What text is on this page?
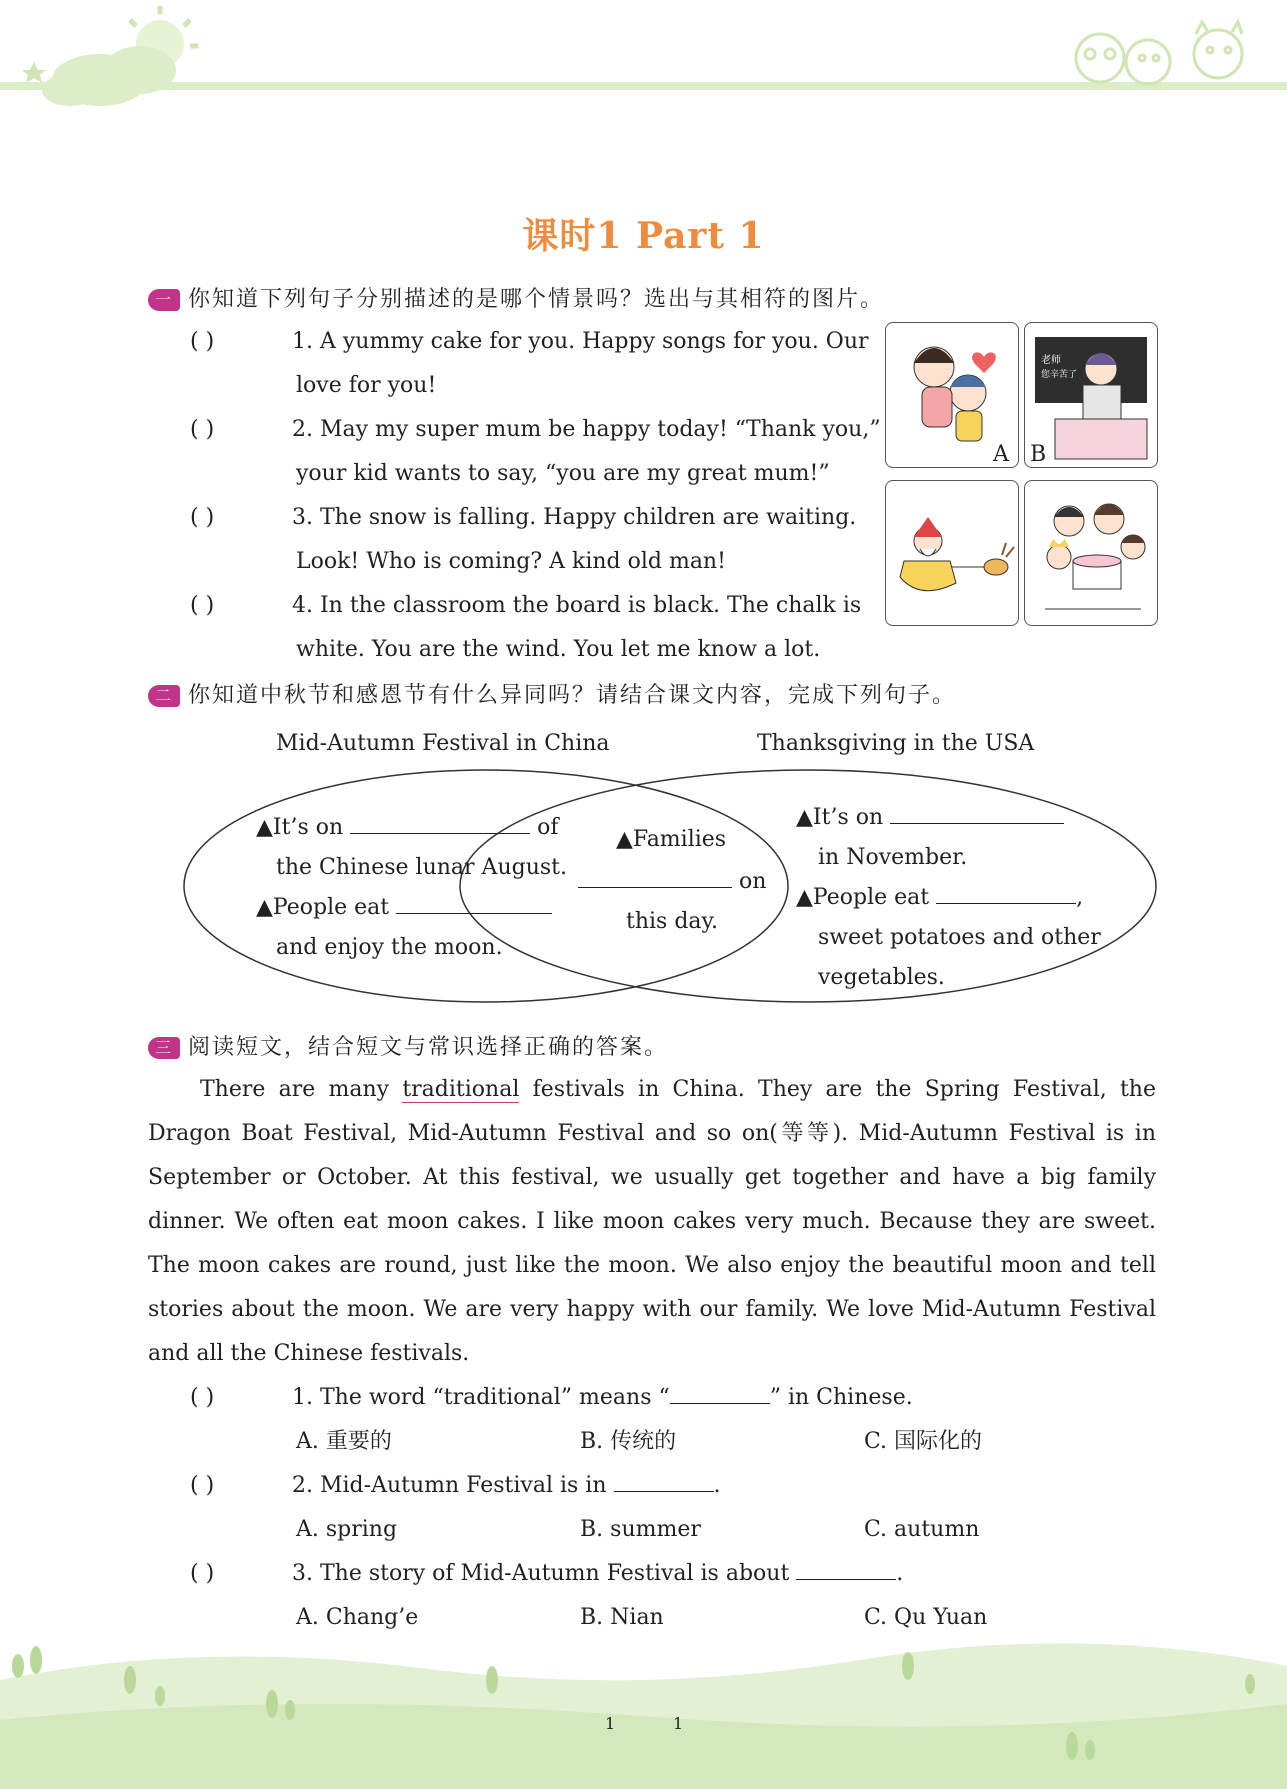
课时1 Part 1
一 你知道下列句子分别描述的是哪个情景吗？选出与其相符的图片。
( )	1. A yummy cake for you. Happy songs for you. Our
love for you!
( )	2. May my super mum be happy today! “Thank you,”
your kid wants to say, “you are my great mum!”
( )	3. The snow is falling. Happy children are waiting.
Look! Who is coming? A kind old man!
( )	4. In the classroom the board is black. The chalk is
white. You are the wind. You let me know a lot.
老师
您辛苦了
A B
二 你知道中秋节和感恩节有什么异同吗？请结合课文内容，完成下列句子。
Mid-Autumn Festival in China	Thanksgiving in the USA
▲It’s on	of
the Chinese lunar August.
▲People eat
and enjoy the moon.
▲Families
on
this day.
▲It’s on
in November.
▲People eat	,
sweet potatoes and other
vegetables.
三 阅读短文，结合短文与常识选择正确的答案。

There are many traditional festivals in China. They are the Spring Festival, the Dragon Boat Festival, Mid-Autumn Festival and so on(等等). Mid-Autumn Festival is in September or October. At this festival, we usually get together and have a big family dinner. We often eat moon cakes. I like moon cakes very much. Because they are sweet. The moon cakes are round, just like the moon. We also enjoy the beautiful moon and tell stories about the moon. We are very happy with our family. We love Mid-Autumn Festival and all the Chinese festivals.

( )	1. The word “traditional” means “	” in Chinese.
A. 重要的	B. 传统的	C. 国际化的
( )	2. Mid-Autumn Festival is in	.
A. spring	B. summer	C. autumn
( )	3. The story of Mid-Autumn Festival is about	.
A. Chang’e	B. Nian	C. Qu Yuan
1	1
